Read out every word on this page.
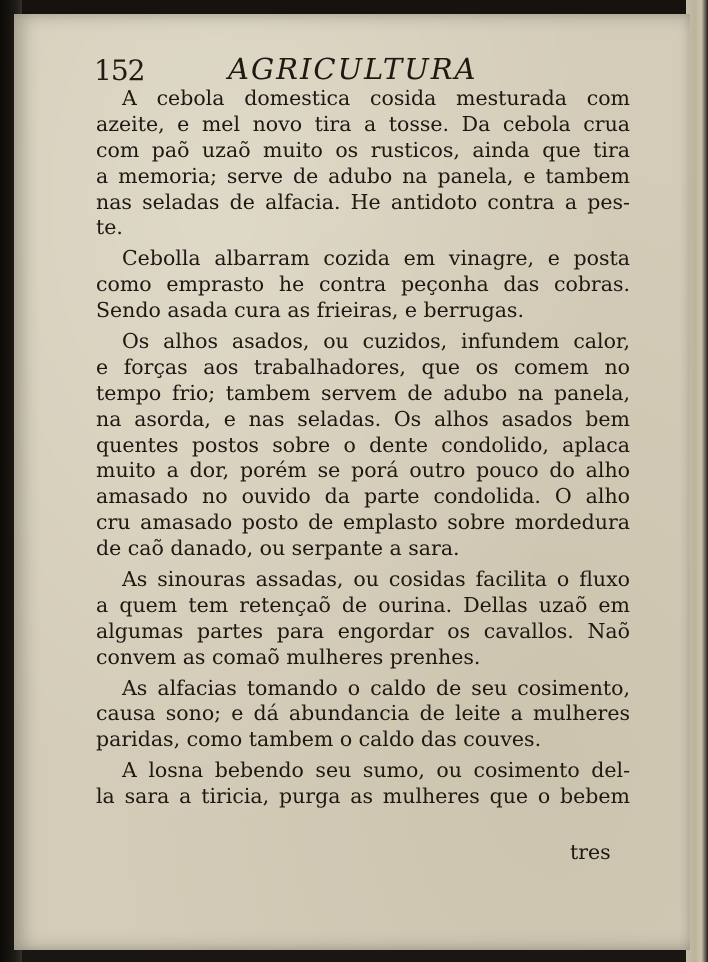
152	AGRICULTURA
A cebola domestica cosida mesturada com
azeite, e mel novo tira a tosse. Da cebola crua
com paõ uzaõ muito os rusticos, ainda que tira
a memoria; serve de adubo na panela, e tambem
nas seladas de alfacia. He antidoto contra a pes-
te.
Cebolla albarram cozida em vinagre, e posta
como emprasto he contra peçonha das cobras.
Sendo asada cura as frieiras, e berrugas.
Os alhos asados, ou cuzidos, infundem calor,
e forças aos trabalhadores, que os comem no
tempo frio; tambem servem de adubo na panela,
na asorda, e nas seladas. Os alhos asados bem
quentes postos sobre o dente condolido, aplaca
muito a dor, porém se porá outro pouco do alho
amasado no ouvido da parte condolida. O alho
cru amasado posto de emplasto sobre mordedura
de caõ danado, ou serpante a sara.
As sinouras assadas, ou cosidas facilita o fluxo
a quem tem retençaõ de ourina. Dellas uzaõ em
algumas partes para engordar os cavallos. Naõ
convem as comaõ mulheres prenhes.
As alfacias tomando o caldo de seu cosimento,
causa sono; e dá abundancia de leite a mulheres
paridas, como tambem o caldo das couves.
A losna bebendo seu sumo, ou cosimento del-
la sara a tiricia, purga as mulheres que o bebem
tres
